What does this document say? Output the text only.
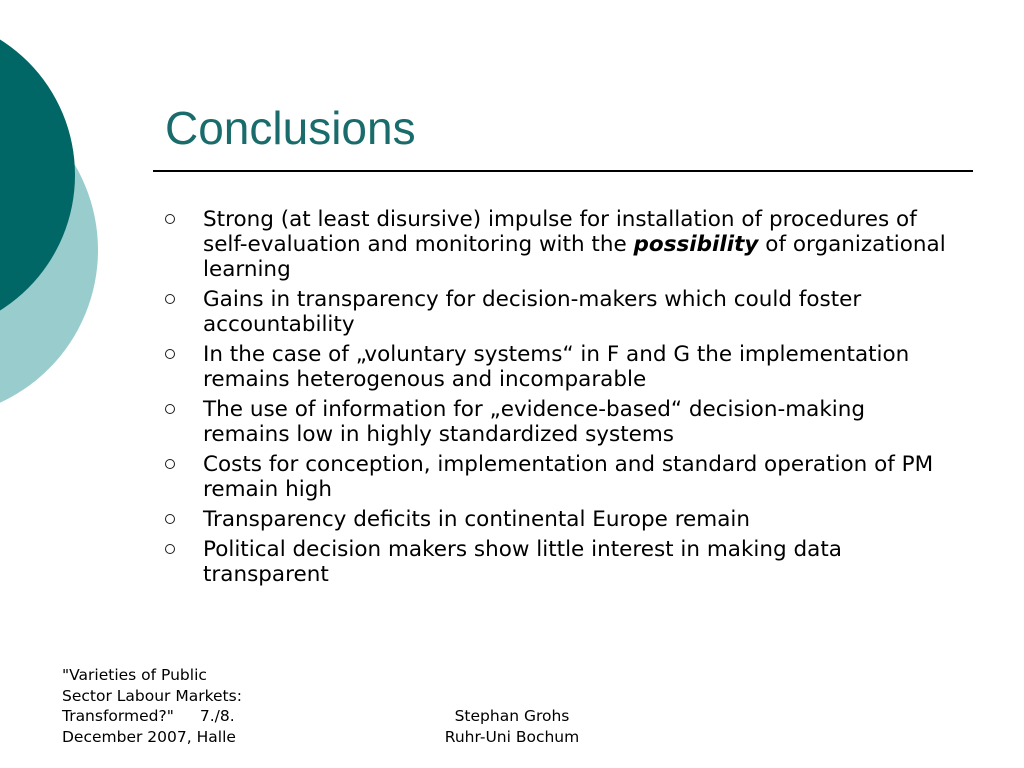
Conclusions
Strong (at least disursive) impulse for installation of procedures of self-evaluation and monitoring with the possibility of organizational learning
Gains in transparency for decision-makers which could foster accountability
In the case of „voluntary systems“ in F and G the implementation remains heterogenous and incomparable
The use of information for „evidence-based“ decision-making remains low in highly standardized systems
Costs for conception, implementation and standard operation of PM remain high
Transparency deficits in continental Europe remain
Political decision makers show little interest in making data transparent
"Varieties of Public
Sector Labour Markets:
Transformed?" 7./8.
December 2007, Halle
Stephan Grohs
Ruhr-Uni Bochum
